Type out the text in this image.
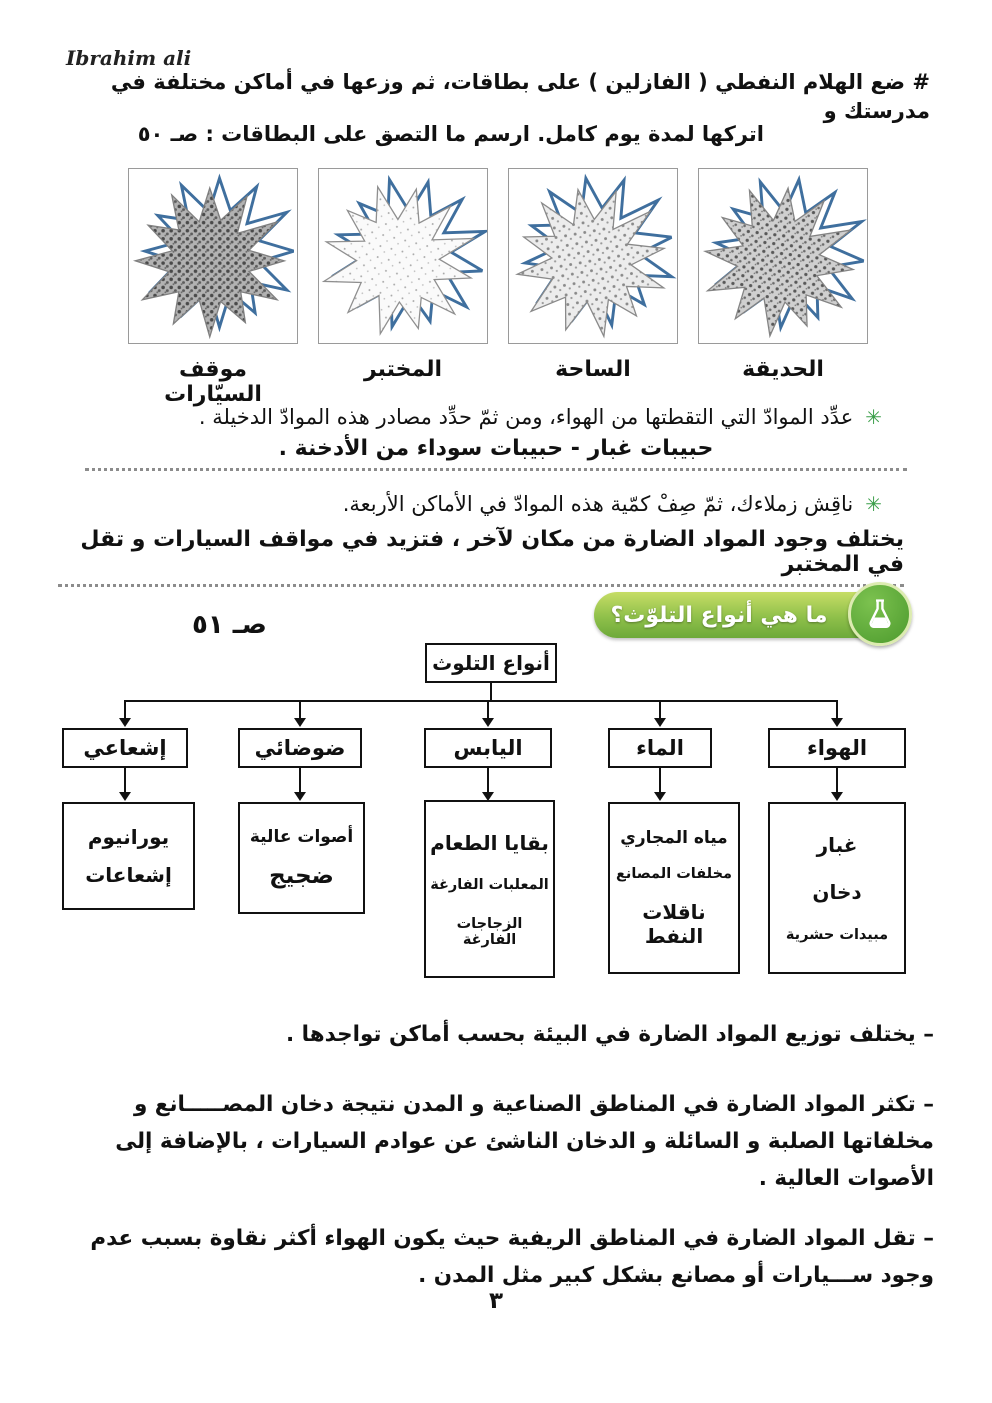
Ibrahim ali
# ضع الهلام النفطي ( الفازلين ) على بطاقات، ثم وزعها في أماكن مختلفة في مدرستك و
اتركها لمدة يوم كامل. ارسم ما التصق على البطاقات : صـ ٥٠
موقف السيّارات
المختبر	الساحة	الحديقة
✳
عدِّد الموادّ التي التقطتها من الهواء، ومن ثمّ حدِّد مصادر هذه الموادّ الدخيلة .
حبيبات غبار - حبيبات سوداء من الأدخنة .
✳
ناقِش زملاءك، ثمّ صِفْ كمّية هذه الموادّ في الأماكن الأربعة.
يختلف وجود المواد الضارة من مكان لآخر ، فتزيد في مواقف السيارات و تقل في المختبر
صـ ٥١	ما هي أنواع التلوّث؟
أنواع التلوث
إشعاعي	ضوضائي	اليابس	الماء	الهواء
يورانيوم
إشعاعات
أصوات عالية
ضجيج
بقايا الطعام
المعلبات الفارغة
الزجاجات الفارغة
مياه المجاري
مخلفات المصانع
ناقلات النفط
غبار
دخان
مبيدات حشرية
– يختلف توزيع المواد الضارة في البيئة بحسب أماكن تواجدها .
– تكثر المواد الضارة في المناطق الصناعية و المدن نتيجة دخان المصـــــانع و مخلفاتها الصلبة و السائلة و الدخان الناشئ عن عوادم السيارات ، بالإضافة إلى الأصوات العالية .
– تقل المواد الضارة في المناطق الريفية حيث يكون الهواء أكثر نقاوة بسبب عدم وجود ســـيارات أو مصانع بشكل كبير مثل المدن .
٣
